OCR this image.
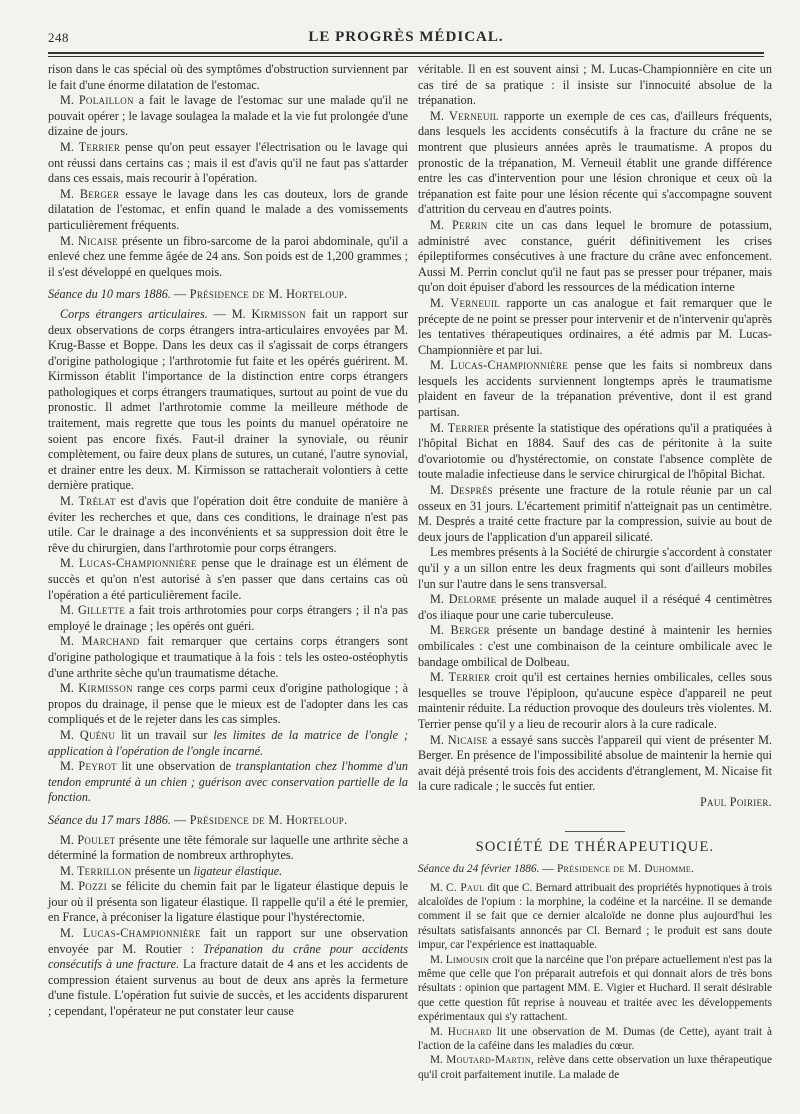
248	LE PROGRÈS MÉDICAL.

rison dans le cas spécial où des symptômes d'obstruction surviennent par le fait d'une énorme dilatation de l'estomac.

M. Polaillon a fait le lavage de l'estomac sur une malade qu'il ne pouvait opérer ; le lavage soulagea la malade et la vie fut prolongée d'une dizaine de jours.

M. Terrier pense qu'on peut essayer l'électrisation ou le lavage qui ont réussi dans certains cas ; mais il est d'avis qu'il ne faut pas s'attarder dans ces essais, mais recourir à l'opération.

M. Berger essaye le lavage dans les cas douteux, lors de grande dilatation de l'estomac, et enfin quand le malade a des vomissements particulièrement fréquents.

M. Nicaise présente un fibro-sarcome de la paroi abdominale, qu'il a enlevé chez une femme âgée de 24 ans. Son poids est de 1,200 grammes ; il s'est développé en quelques mois.

Séance du 10 mars 1886. — Présidence de M. Horteloup.

Corps étrangers articulaires. — M. Kirmisson fait un rapport sur deux observations de corps étrangers intra-articulaires envoyées par M. Krug-Basse et Boppe. Dans les deux cas il s'agissait de corps étrangers d'origine pathologique ; l'arthrotomie fut faite et les opérés guérirent. M. Kirmisson établit l'importance de la distinction entre corps étrangers pathologiques et corps étrangers traumatiques, surtout au point de vue du pronostic. Il admet l'arthrotomie comme la meilleure méthode de traitement, mais regrette que tous les points du manuel opératoire ne soient pas encore fixés. Faut-il drainer la synoviale, ou réunir complètement, ou faire deux plans de sutures, un cutané, l'autre synovial, et drainer entre les deux. M. Kirmisson se rattacherait volontiers à cette dernière pratique.

M. Trélat est d'avis que l'opération doit être conduite de manière à éviter les recherches et que, dans ces conditions, le drainage n'est pas utile. Car le drainage a des inconvénients et sa suppression doit être le rêve du chirurgien, dans l'arthrotomie pour corps étrangers.

M. Lucas-Championnière pense que le drainage est un élément de succès et qu'on n'est autorisé à s'en passer que dans certains cas où l'opération a été particulièrement facile.

M. Gillette a fait trois arthrotomies pour corps étrangers ; il n'a pas employé le drainage ; les opérés ont guéri.

M. Marchand fait remarquer que certains corps étrangers sont d'origine pathologique et traumatique à la fois : tels les osteo-ostéophytis d'une arthrite sèche qu'un traumatisme détache.

M. Kirmisson range ces corps parmi ceux d'origine pathologique ; à propos du drainage, il pense que le mieux est de l'adopter dans les cas compliqués et de le rejeter dans les cas simples.

M. Quénu lit un travail sur les limites de la matrice de l'ongle ; application à l'opération de l'ongle incarné.

M. Peyrot lit une observation de transplantation chez l'homme d'un tendon emprunté à un chien ; guérison avec conservation partielle de la fonction.

Séance du 17 mars 1886. — Présidence de M. Horteloup.

M. Poulet présente une tête fémorale sur laquelle une arthrite sèche a déterminé la formation de nombreux arthrophytes.

M. Terrillon présente un ligateur élastique.

M. Pozzi se félicite du chemin fait par le ligateur élastique depuis le jour où il présenta son ligateur élastique. Il rappelle qu'il a été le premier, en France, à préconiser la ligature élastique pour l'hystérectomie.

M. Lucas-Championnière fait un rapport sur une observation envoyée par M. Routier : Trépanation du crâne pour accidents consécutifs à une fracture. La fracture datait de 4 ans et les accidents de compression étaient survenus au bout de deux ans après la fermeture d'une fistule. L'opération fut suivie de succès, et les accidents disparurent ; cependant, l'opérateur ne put constater leur cause

véritable. Il en est souvent ainsi ; M. Lucas-Championnière en cite un cas tiré de sa pratique : il insiste sur l'innocuité absolue de la trépanation.

M. Verneuil rapporte un exemple de ces cas, d'ailleurs fréquents, dans lesquels les accidents consécutifs à la fracture du crâne ne se montrent que plusieurs années après le traumatisme. A propos du pronostic de la trépanation, M. Verneuil établit une grande différence entre les cas d'intervention pour une lésion chronique et ceux où la trépanation est faite pour une lésion récente qui s'accompagne souvent d'attrition du cerveau en d'autres points.

M. Perrin cite un cas dans lequel le bromure de potassium, administré avec constance, guérit définitivement les crises épileptiformes consécutives à une fracture du crâne avec enfoncement. Aussi M. Perrin conclut qu'il ne faut pas se presser pour trépaner, mais qu'on doit épuiser d'abord les ressources de la médication interne

M. Verneuil rapporte un cas analogue et fait remarquer que le précepte de ne point se presser pour intervenir et de n'intervenir qu'après les tentatives thérapeutiques ordinaires, a été admis par M. Lucas-Championnière et par lui.

M. Lucas-Championnière pense que les faits si nombreux dans lesquels les accidents surviennent longtemps après le traumatisme plaident en faveur de la trépanation préventive, dont il est grand partisan.

M. Terrier présente la statistique des opérations qu'il a pratiquées à l'hôpital Bichat en 1884. Sauf des cas de péritonite à la suite d'ovariotomie ou d'hystérectomie, on constate l'absence complète de toute maladie infectieuse dans le service chirurgical de l'hôpital Bichat.

M. Després présente une fracture de la rotule réunie par un cal osseux en 31 jours. L'écartement primitif n'atteignait pas un centimètre. M. Després a traité cette fracture par la compression, suivie au bout de deux jours de l'application d'un appareil silicaté.

Les membres présents à la Société de chirurgie s'accordent à constater qu'il y a un sillon entre les deux fragments qui sont d'ailleurs mobiles l'un sur l'autre dans le sens transversal.

M. Delorme présente un malade auquel il a réséqué 4 centimètres d'os iliaque pour une carie tuberculeuse.

M. Berger présente un bandage destiné à maintenir les hernies ombilicales : c'est une combinaison de la ceinture ombilicale avec le bandage ombilical de Dolbeau.

M. Terrier croit qu'il est certaines hernies ombilicales, celles sous lesquelles se trouve l'épiploon, qu'aucune espèce d'appareil ne peut maintenir réduite. La réduction provoque des douleurs très violentes. M. Terrier pense qu'il y a lieu de recourir alors à la cure radicale.

M. Nicaise a essayé sans succès l'appareil qui vient de présenter M. Berger. En présence de l'impossibilité absolue de maintenir la hernie qui avait déjà présenté trois fois des accidents d'étranglement, M. Nicaise fit la cure radicale ; le succès fut entier.

Paul Poirier.

SOCIÉTÉ DE THÉRAPEUTIQUE.

Séance du 24 février 1886. — Présidence de M. Duhomme.

M. C. Paul dit que C. Bernard attribuait des propriétés hypnotiques à trois alcaloïdes de l'opium : la morphine, la codéine et la narcéine. Il se demande comment il se fait que ce dernier alcaloïde ne donne plus aujourd'hui les résultats satisfaisants annoncés par Cl. Bernard ; le produit est sans doute impur, car l'expérience est inattaquable.

M. Limousin croit que la narcéine que l'on prépare actuellement n'est pas la même que celle que l'on préparait autrefois et qui donnait alors de très bons résultats : opinion que partagent MM. E. Vigier et Huchard. Il serait désirable que cette question fût reprise à nouveau et traitée avec les développements expérimentaux qui s'y rattachent.

M. Huchard lit une observation de M. Dumas (de Cette), ayant trait à l'action de la caféine dans les maladies du cœur.

M. Moutard-Martin, relève dans cette observation un luxe thérapeutique qu'il croit parfaitement inutile. La malade de
